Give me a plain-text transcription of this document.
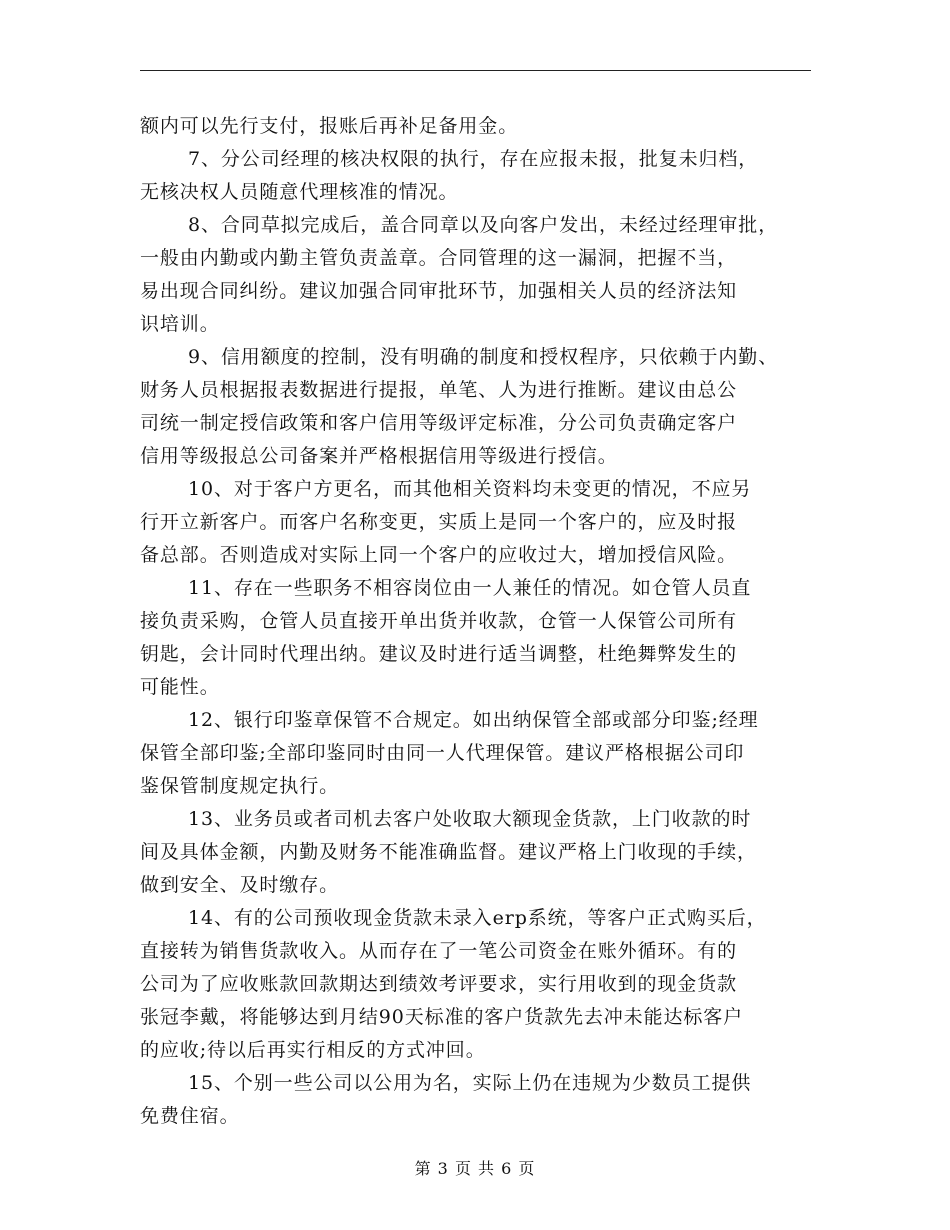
额内可以先行支付，报账后再补足备用金。
7、分公司经理的核决权限的执行，存在应报未报，批复未归档，
无核决权人员随意代理核准的情况。
8、合同草拟完成后，盖合同章以及向客户发出，未经过经理审批，
一般由内勤或内勤主管负责盖章。合同管理的这一漏洞，把握不当，
易出现合同纠纷。建议加强合同审批环节，加强相关人员的经济法知
识培训。
9、信用额度的控制，没有明确的制度和授权程序，只依赖于内勤、
财务人员根据报表数据进行提报，单笔、人为进行推断。建议由总公
司统一制定授信政策和客户信用等级评定标准，分公司负责确定客户
信用等级报总公司备案并严格根据信用等级进行授信。
10、对于客户方更名，而其他相关资料均未变更的情况，不应另
行开立新客户。而客户名称变更，实质上是同一个客户的，应及时报
备总部。否则造成对实际上同一个客户的应收过大，增加授信风险。
11、存在一些职务不相容岗位由一人兼任的情况。如仓管人员直
接负责采购，仓管人员直接开单出货并收款，仓管一人保管公司所有
钥匙，会计同时代理出纳。建议及时进行适当调整，杜绝舞弊发生的
可能性。
12、银行印鉴章保管不合规定。如出纳保管全部或部分印鉴;经理
保管全部印鉴;全部印鉴同时由同一人代理保管。建议严格根据公司印
鉴保管制度规定执行。
13、业务员或者司机去客户处收取大额现金货款，上门收款的时
间及具体金额，内勤及财务不能准确监督。建议严格上门收现的手续，
做到安全、及时缴存。
14、有的公司预收现金货款未录入erp系统，等客户正式购买后，
直接转为销售货款收入。从而存在了一笔公司资金在账外循环。有的
公司为了应收账款回款期达到绩效考评要求，实行用收到的现金货款
张冠李戴，将能够达到月结90天标准的客户货款先去冲未能达标客户
的应收;待以后再实行相反的方式冲回。
15、个别一些公司以公用为名，实际上仍在违规为少数员工提供
免费住宿。
第 3 页 共 6 页
